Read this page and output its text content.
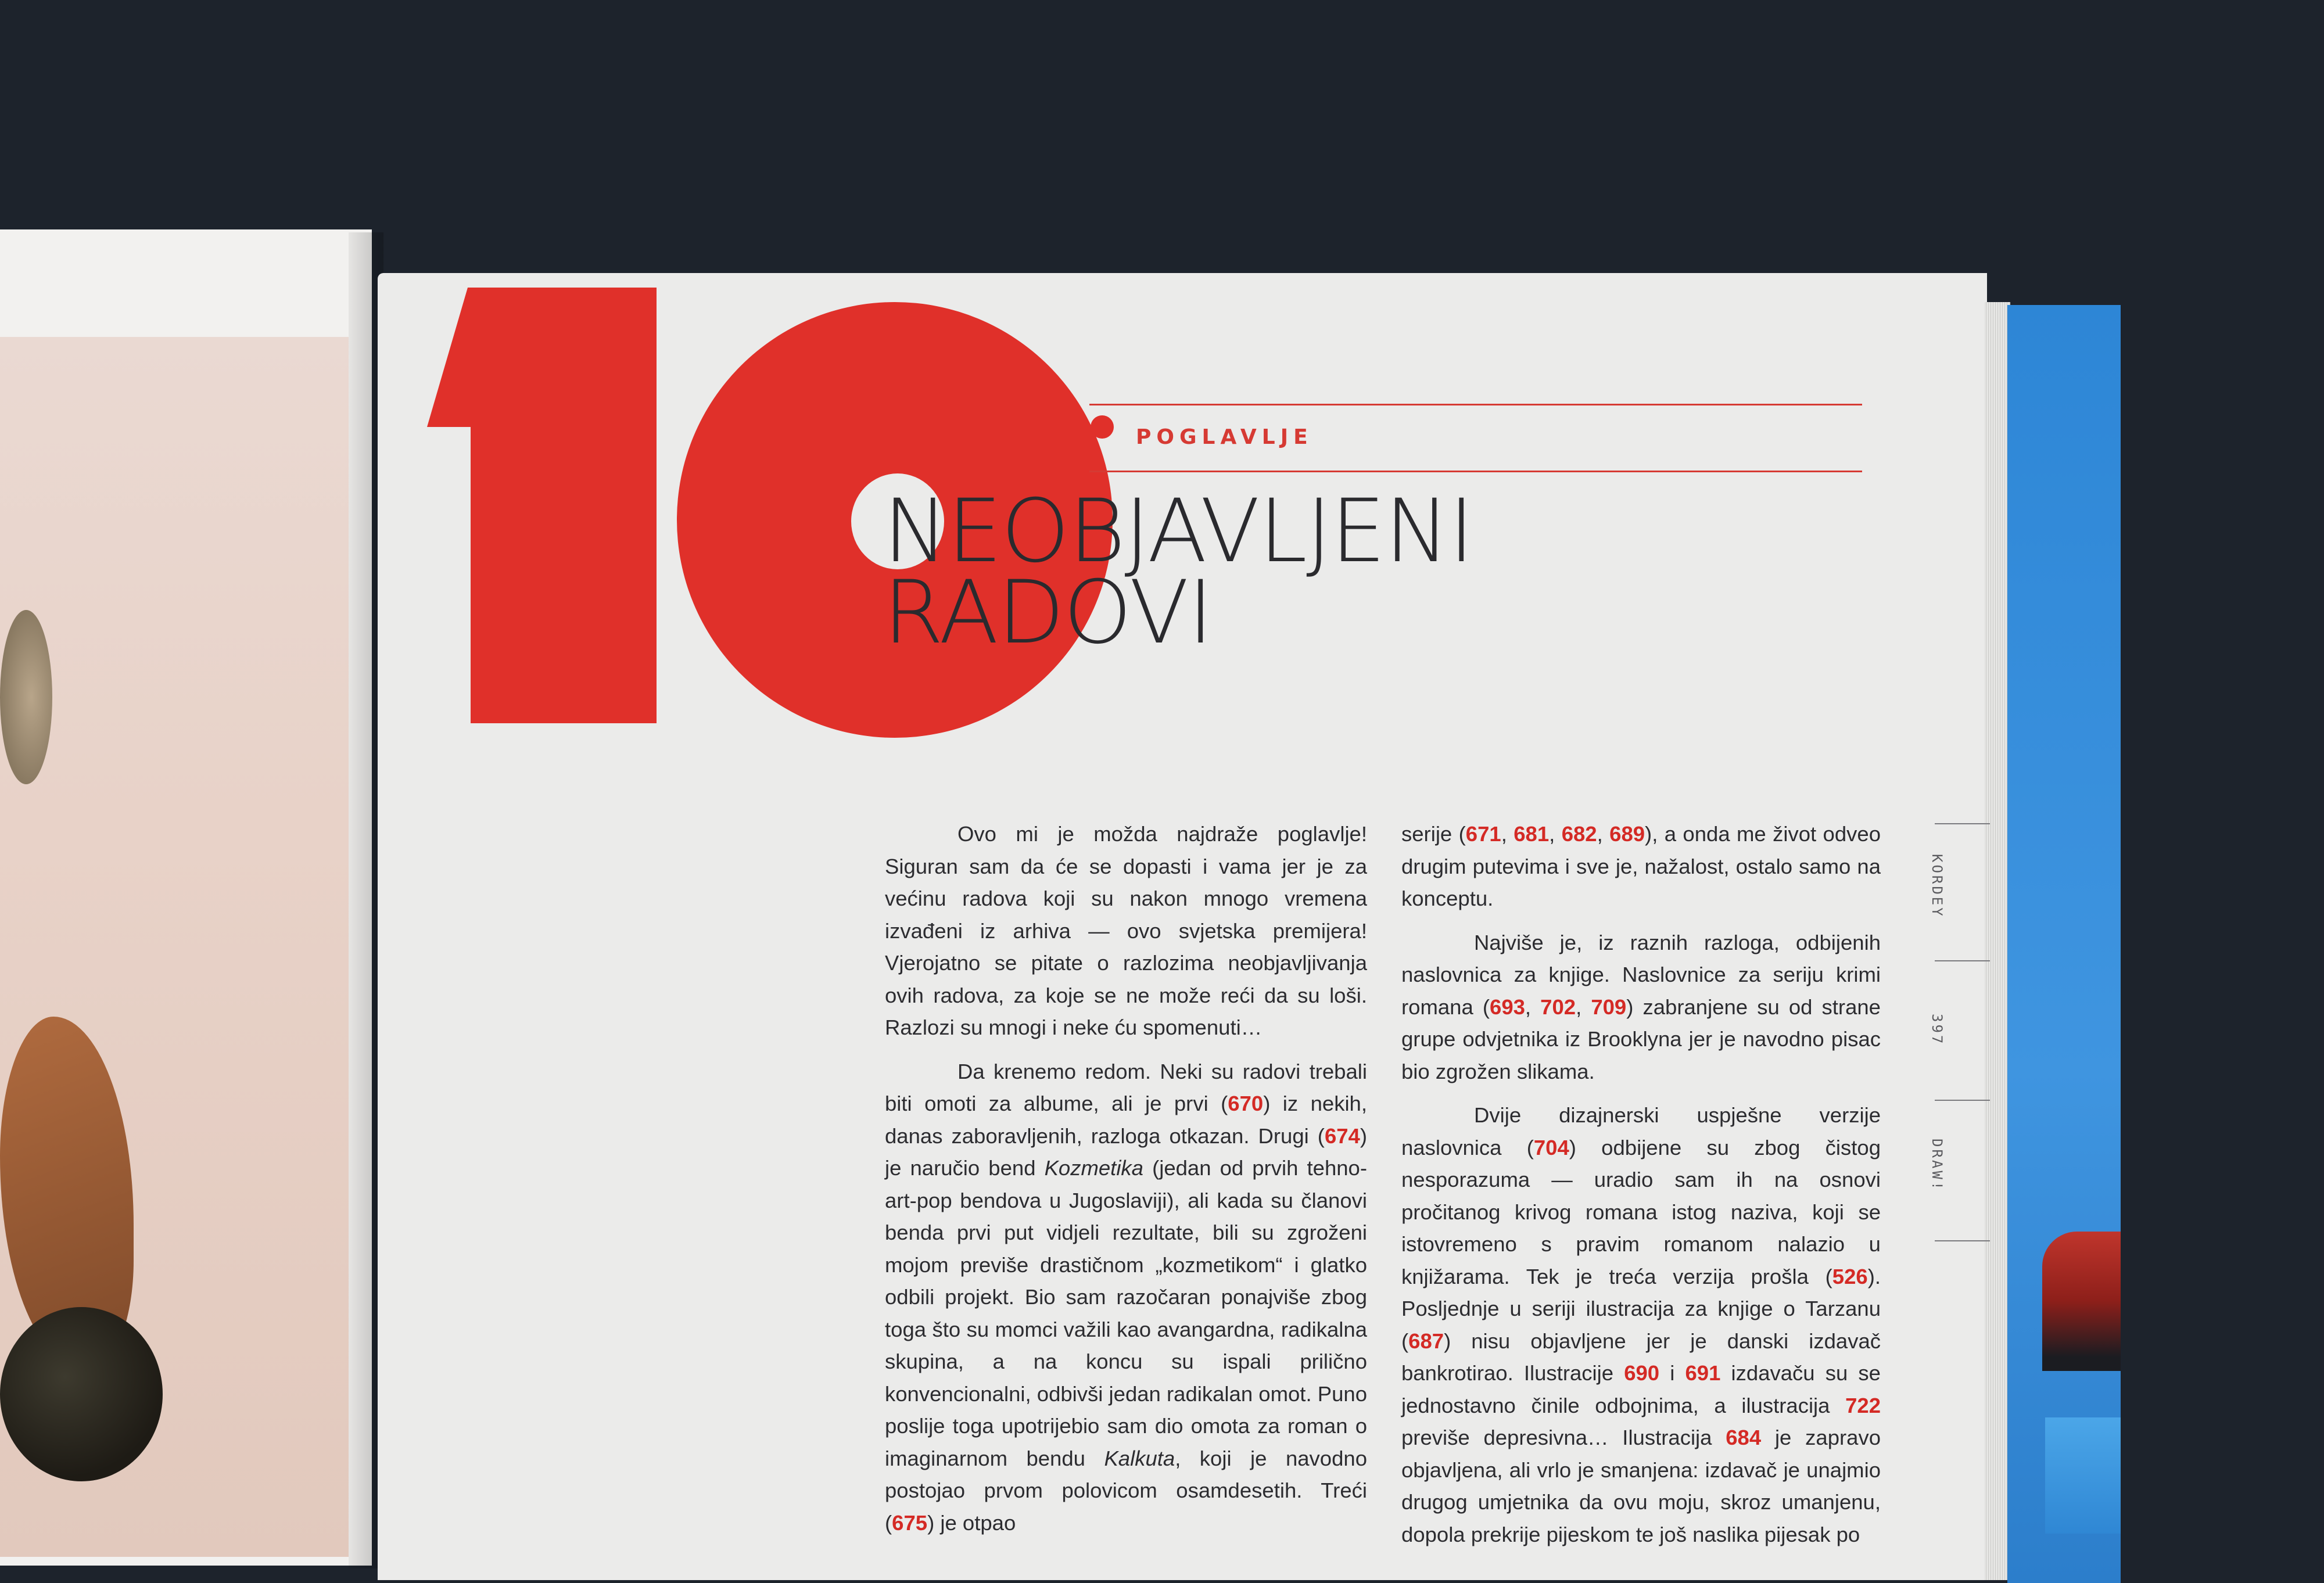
POGLAVLJE
NEOBJAVLJENI
RADOVI

Ovo mi je možda najdraže poglavlje! Siguran sam da će se dopasti i vama jer je za većinu radova koji su nakon mnogo vremena izvađeni iz arhiva — ovo svjetska premijera! Vjerojatno se pitate o razlozima neobjavljivanja ovih radova, za koje se ne može reći da su loši. Razlozi su mnogi i neke ću spomenuti…

Da krenemo redom. Neki su radovi trebali biti omoti za albume, ali je prvi (670) iz nekih, danas zaboravljenih, razloga otkazan. Drugi (674) je naručio bend Kozmetika (jedan od prvih tehno-art-pop bendova u Jugoslaviji), ali kada su članovi benda prvi put vidjeli rezultate, bili su zgroženi mojom previše drastičnom „kozmetikom“ i glatko odbili projekt. Bio sam razočaran ponajviše zbog toga što su momci važili kao avangardna, radikalna skupina, a na koncu su ispali prilično konvencionalni, odbivši jedan radikalan omot. Puno poslije toga upotrijebio sam dio omota za roman o imaginarnom bendu Kalkuta, koji je navodno postojao prvom polovicom osamdesetih. Treći (675) je otpao

serije (671, 681, 682, 689), a onda me život odveo drugim putevima i sve je, nažalost, ostalo samo na konceptu.

Najviše je, iz raznih razloga, odbijenih naslovnica za knjige. Naslovnice za seriju krimi romana (693, 702, 709) zabranjene su od strane grupe odvjetnika iz Brooklyna jer je navodno pisac bio zgrožen slikama.

Dvije dizajnerski uspješne verzije naslovnica (704) odbijene su zbog čistog nesporazuma — uradio sam ih na osnovi pročitanog krivog romana istog naziva, koji se istovremeno s pravim romanom nalazio u knjižarama. Tek je treća verzija prošla (526). Posljednje u seriji ilustracija za knjige o Tarzanu (687) nisu objavljene jer je danski izdavač bankrotirao. Ilustracije 690 i 691 izdavaču su se jednostavno činile odbojnima, a ilustracija 722 previše depresivna… Ilustracija 684 je zapravo objavljena, ali vrlo je smanjena: izdavač je unajmio drugog umjetnika da ovu moju, skroz umanjenu, dopola prekrije pijeskom te još naslika pijesak po

KORDEY
397
DRAW!
